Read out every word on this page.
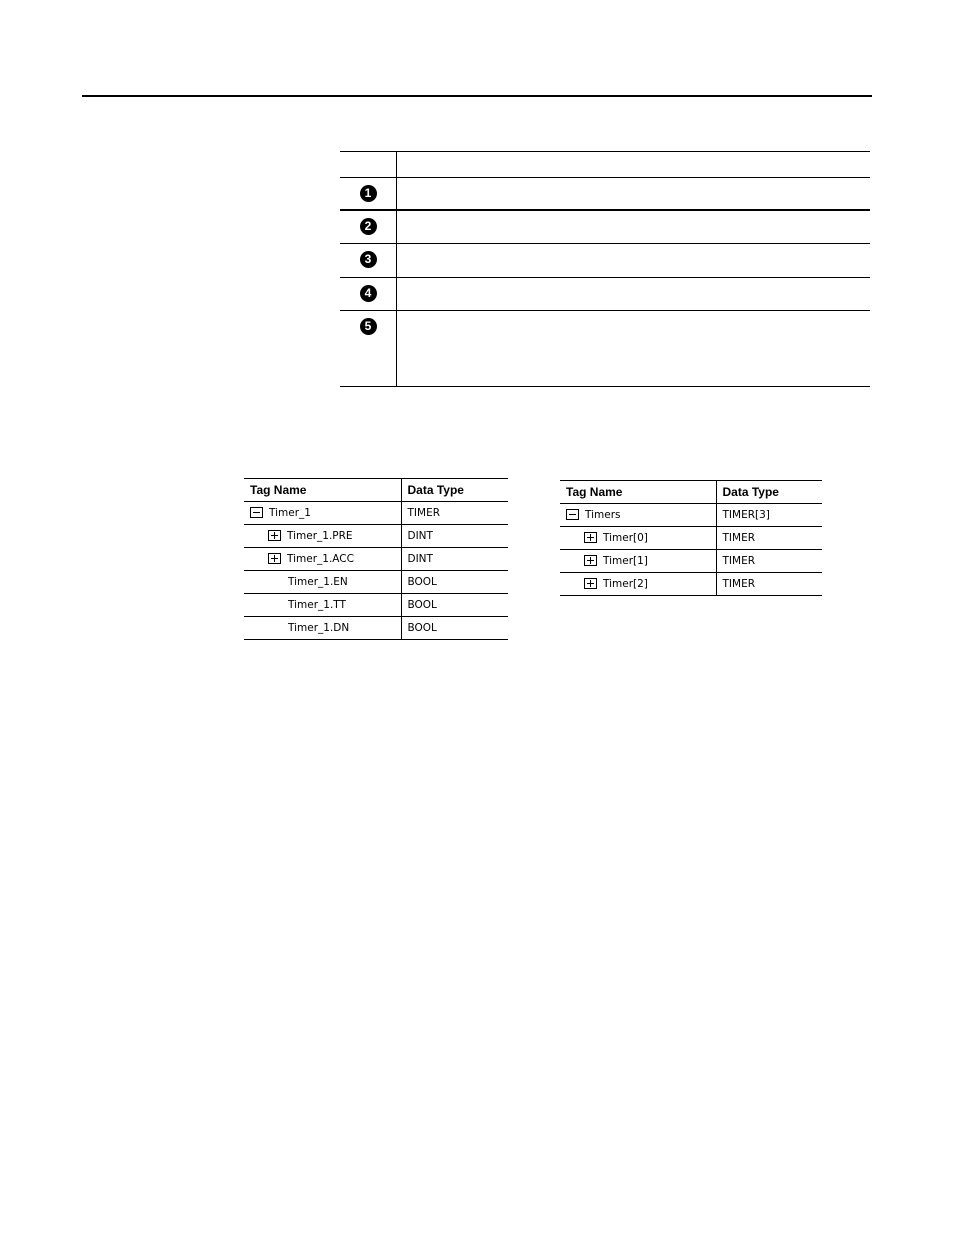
1
2
3
4
5
Tag Name	Data Type

Timer_1	TIMER

Timer_1.PRE	DINT

Timer_1.ACC	DINT
Timer_1.EN	BOOL
Timer_1.TT	BOOL
Timer_1.DN	BOOL
Tag Name	Data Type

Timers	TIMER[3]

Timer[0]	TIMER

Timer[1]	TIMER

Timer[2]	TIMER
